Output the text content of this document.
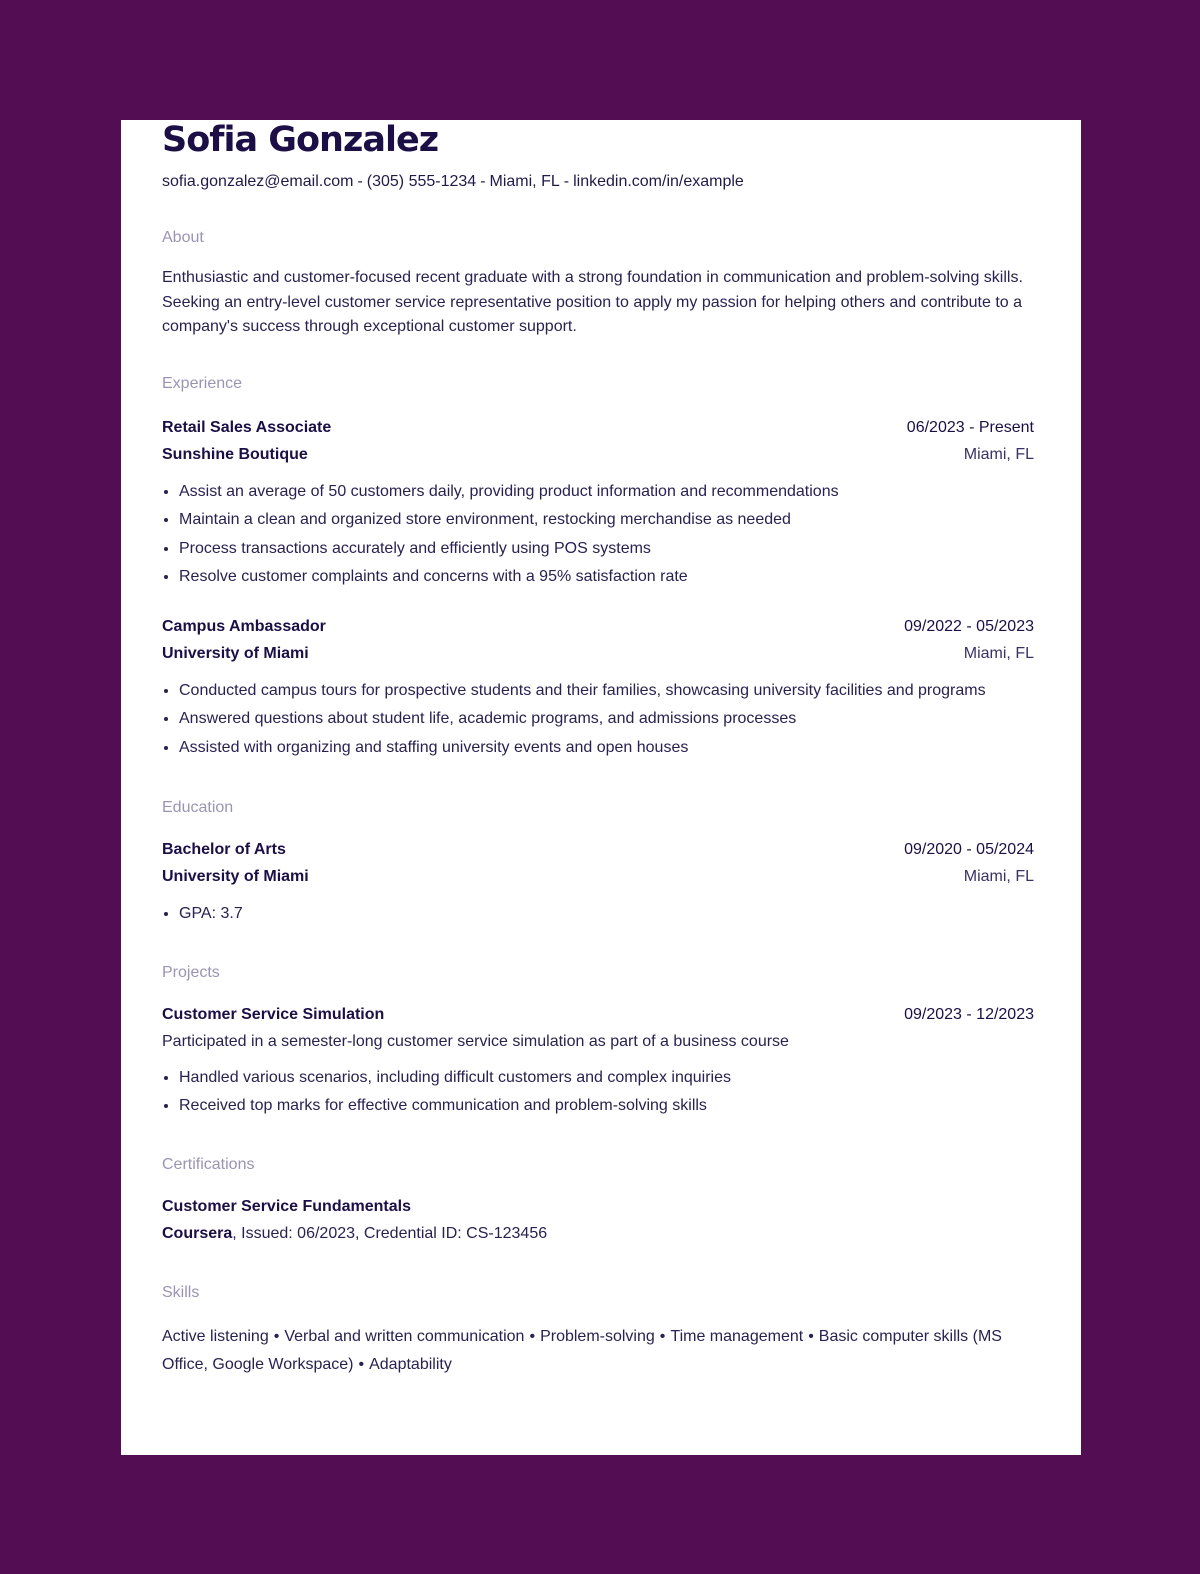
Sofia Gonzalez
sofia.gonzalez@email.com - (305) 555-1234 - Miami, FL - linkedin.com/in/example
About
Enthusiastic and customer-focused recent graduate with a strong foundation in communication and problem-solving skills. Seeking an entry-level customer service representative position to apply my passion for helping others and contribute to a company's success through exceptional customer support.
Experience
Retail Sales Associate	06/2023 - Present
Sunshine Boutique	Miami, FL
• Assist an average of 50 customers daily, providing product information and recommendations
• Maintain a clean and organized store environment, restocking merchandise as needed
• Process transactions accurately and efficiently using POS systems
• Resolve customer complaints and concerns with a 95% satisfaction rate
Campus Ambassador	09/2022 - 05/2023
University of Miami	Miami, FL
• Conducted campus tours for prospective students and their families, showcasing university facilities and programs
• Answered questions about student life, academic programs, and admissions processes
• Assisted with organizing and staffing university events and open houses
Education
Bachelor of Arts	09/2020 - 05/2024
University of Miami	Miami, FL
• GPA: 3.7
Projects
Customer Service Simulation	09/2023 - 12/2023
Participated in a semester-long customer service simulation as part of a business course
• Handled various scenarios, including difficult customers and complex inquiries
• Received top marks for effective communication and problem-solving skills
Certifications
Customer Service Fundamentals
Coursera, Issued: 06/2023, Credential ID: CS-123456
Skills
Active listening • Verbal and written communication • Problem-solving • Time management • Basic computer skills (MS Office, Google Workspace) • Adaptability
